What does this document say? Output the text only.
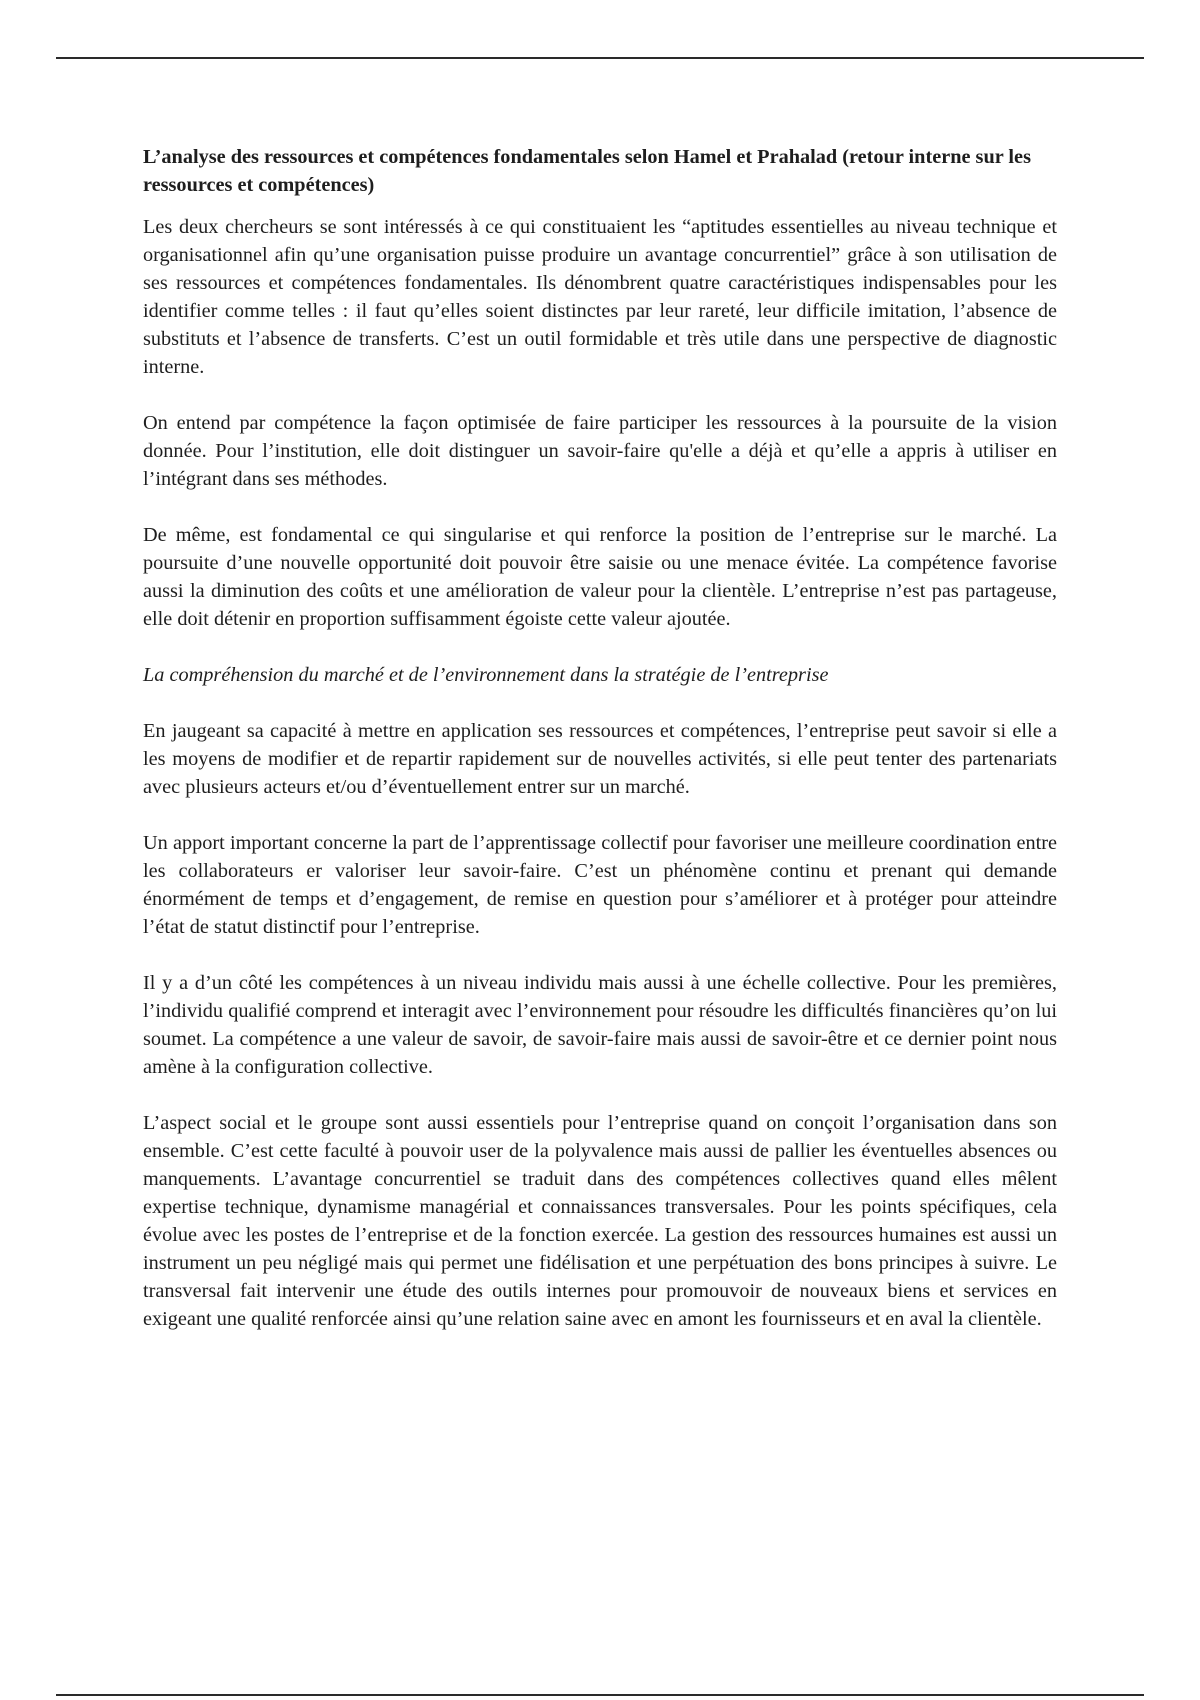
L’analyse des ressources et compétences fondamentales selon Hamel et Prahalad (retour interne sur les ressources et compétences)

Les deux chercheurs se sont intéressés à ce qui constituaient les “aptitudes essentielles au niveau technique et organisationnel afin qu’une organisation puisse produire un avantage concurrentiel” grâce à son utilisation de ses ressources et compétences fondamentales. Ils dénombrent quatre caractéristiques indispensables pour les identifier comme telles : il faut qu’elles soient distinctes par leur rareté, leur difficile imitation, l’absence de substituts et l’absence de transferts. C’est un outil formidable et très utile dans une perspective de diagnostic interne.

On entend par compétence la façon optimisée de faire participer les ressources à la poursuite de la vision donnée. Pour l’institution, elle doit distinguer un savoir-faire qu'elle a déjà et qu’elle a appris à utiliser en l’intégrant dans ses méthodes.

De même, est fondamental ce qui singularise et qui renforce la position de l’entreprise sur le marché. La poursuite d’une nouvelle opportunité doit pouvoir être saisie ou une menace évitée. La compétence favorise aussi la diminution des coûts et une amélioration de valeur pour la clientèle. L’entreprise n’est pas partageuse, elle doit détenir en proportion suffisamment égoiste cette valeur ajoutée.

La compréhension du marché et de l’environnement dans la stratégie de l’entreprise

En jaugeant sa capacité à mettre en application ses ressources et compétences, l’entreprise peut savoir si elle a les moyens de modifier et de repartir rapidement sur de nouvelles activités, si elle peut tenter des partenariats avec plusieurs acteurs et/ou d’éventuellement entrer sur un marché.

Un apport important concerne la part de l’apprentissage collectif pour favoriser une meilleure coordination entre les collaborateurs er valoriser leur savoir-faire. C’est un phénomène continu et prenant qui demande énormément de temps et d’engagement, de remise en question pour s’améliorer et à protéger pour atteindre l’état de statut distinctif pour l’entreprise.

Il y a d’un côté les compétences à un niveau individu mais aussi à une échelle collective. Pour les premières, l’individu qualifié comprend et interagit avec l’environnement pour résoudre les difficultés financières qu’on lui soumet. La compétence a une valeur de savoir, de savoir-faire mais aussi de savoir-être et ce dernier point nous amène à la configuration collective.

L’aspect social et le groupe sont aussi essentiels pour l’entreprise quand on conçoit l’organisation dans son ensemble. C’est cette faculté à pouvoir user de la polyvalence mais aussi de pallier les éventuelles absences ou manquements. L’avantage concurrentiel se traduit dans des compétences collectives quand elles mêlent expertise technique, dynamisme managérial et connaissances transversales. Pour les points spécifiques, cela évolue avec les postes de l’entreprise et de la fonction exercée. La gestion des ressources humaines est aussi un instrument un peu négligé mais qui permet une fidélisation et une perpétuation des bons principes à suivre. Le transversal fait intervenir une étude des outils internes pour promouvoir de nouveaux biens et services en exigeant une qualité renforcée ainsi qu’une relation saine avec en amont les fournisseurs et en aval la clientèle.
